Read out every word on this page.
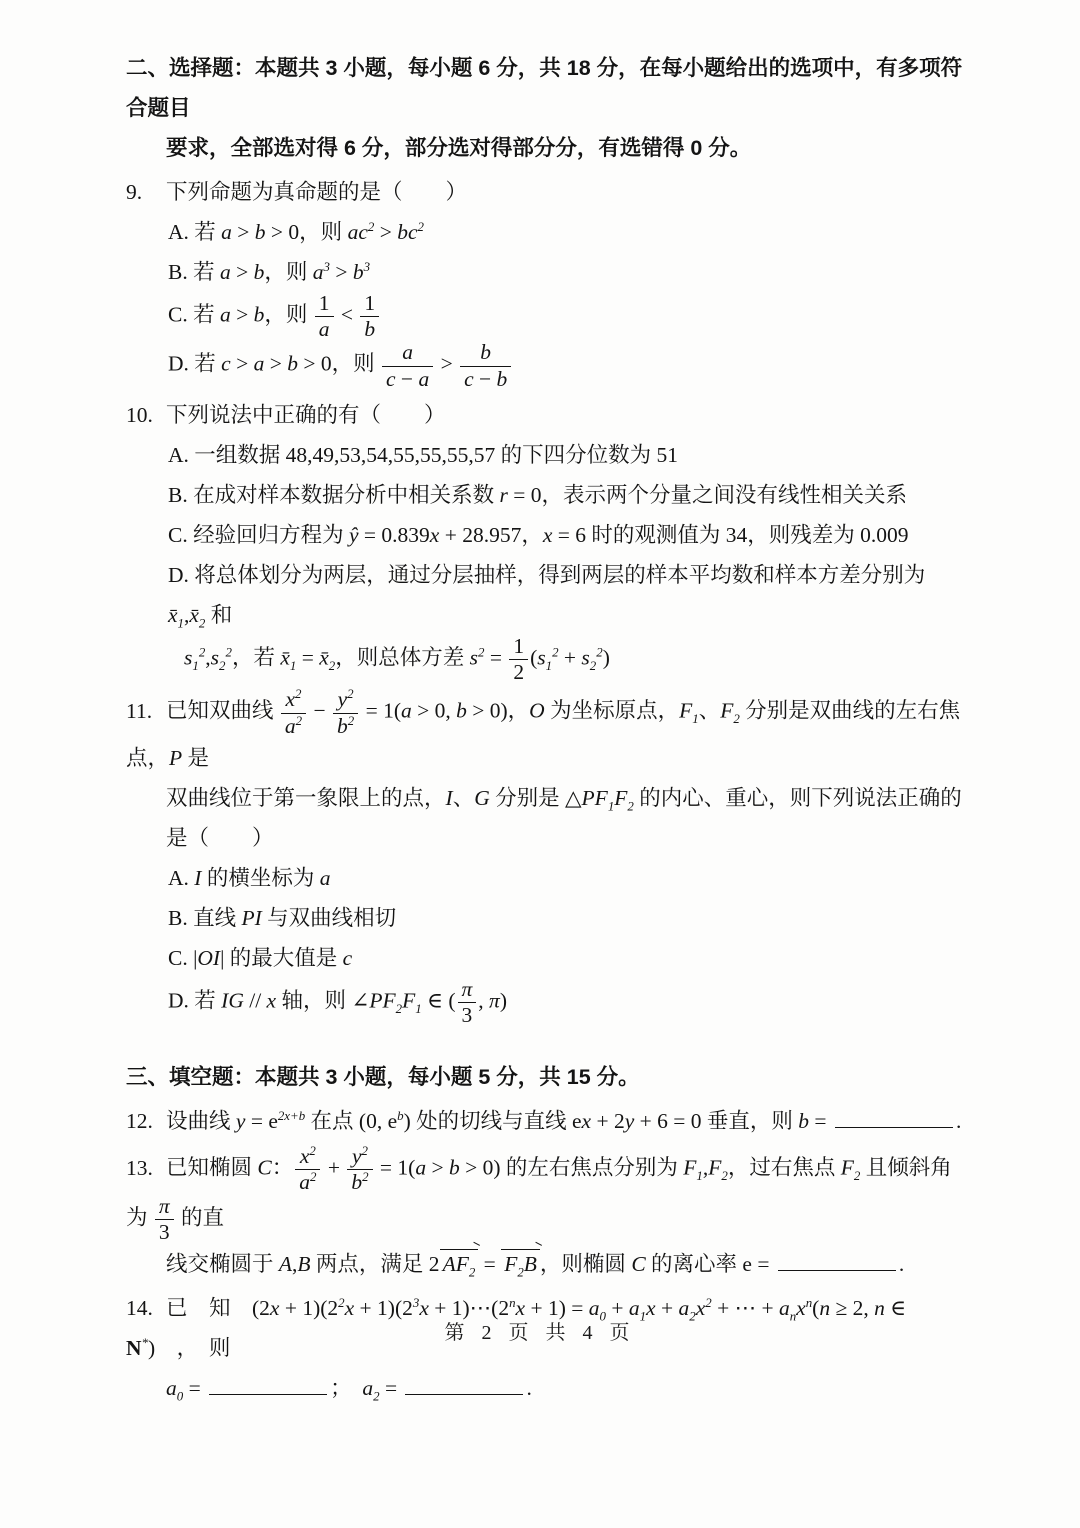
二、选择题：本题共 3 小题，每小题 6 分，共 18 分，在每小题给出的选项中，有多项符合题目
要求，全部选对得 6 分，部分选对得部分分，有选错得 0 分。
9. 下列命题为真命题的是（　　）
A. 若 a > b > 0，则 $ac^2 > bc^2$
B. 若 a > b，则 $a^3 > b^3$
C. 若 a > b，则 $\frac{1}{a} < \frac{1}{b}$
D. 若 c > a > b > 0，则 $\frac{a}{c - a} > \frac{b}{c - b}$
10. 下列说法中正确的有（　　）
A. 一组数据 48,49,53,54,55,55,55,57 的下四分位数为 51
B. 在成对样本数据分析中相关系数 r = 0，表示两个分量之间没有线性相关关系
C. 经验回归方程为 ŷ = 0.839x + 28.957，x = 6 时的观测值为 34，则残差为 0.009
D. 将总体划分为两层，通过分层抽样，得到两层的样本平均数和样本方差分别为 $x̄_1,x̄_2$ 和
$s_1^2,s_2^2$，若 $x̄_1$ = $x̄_2$，则总体方差 $s^2 = \frac{1}{2} (s_1^2 + s_2^2)$
11. 已知双曲线 $\frac{x^2}{a^2} - \frac{y^2}{b^2} = 1(a > 0$, b > 0)，O 为坐标原点，$F_1$、$F_2$ 分别是双曲线的左右焦点，P 是
双曲线位于第一象限上的点，I、G 分别是 $\triangle PF_1F_2$ 的内心、重心，则下列说法正确的是（　　）
A. I 的横坐标为 a
B. 直线 PI 与双曲线相切
C. |OI| 的最大值是 c
D. 若 IG // x 轴，则 $\angle PF_2F_1$ ∈ ( $\frac{\pi}{3}$ , π)
三、填空题：本题共 3 小题，每小题 5 分，共 15 分。
12. 设曲线 $y = e^{2x+b}$ 在点 (0, $e^b$) 处的切线与直线 ex + 2y + 6 = 0 垂直，则 b =	.
13. 已知椭圆 C： $\frac{x^2}{a^2} + \frac{y^2}{b^2} = 1(a > b > 0)$ 的左右焦点分别为 $F_1,F_2$，过右焦点 $F_2$ 且倾斜角为 $\frac{\pi}{3}$ 的直
线交椭圆于 A,B 两点，满足 2 $AF_2 = F_2B$ ，则椭圆 C 的离心率 e =	.
14. 已　知　$(2x + 1)(2^2x + 1)(2^3x$ + $1)\cdots(2^nx + 1) = a_0 + a_1x + a_2x^2$ + ⋯ + $a_nx^n(n \ge 2$, n ∈ N*)　，　则
$a_0$ =	；　$a_2$ =	.
第 2 页 共 4 页
